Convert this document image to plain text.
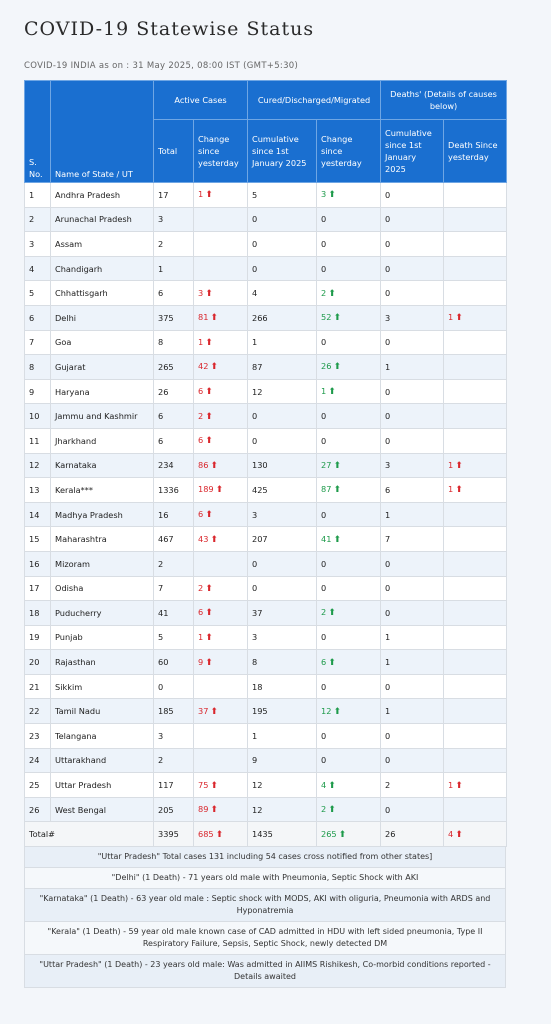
COVID-19 Statewise Status
COVID-19 INDIA as on : 31 May 2025, 08:00 IST (GMT+5:30)
S. No.	Name of State / UT	Active Cases		Cured/Discharged/Migrated		Deaths' (Details of causes below)	
		Total	Change since yesterday	Cumulative since 1st January 2025	Change since yesterday	Cumulative since 1st January 2025	Death Since yesterday
1	Andhra Pradesh	17	1 ⬆	5	3 ⬆	0	
2	Arunachal Pradesh	3		0	0	0	
3	Assam	2		0	0	0	
4	Chandigarh	1		0	0	0	
5	Chhattisgarh	6	3 ⬆	4	2 ⬆	0	
6	Delhi	375	81 ⬆	266	52 ⬆	3	1 ⬆
7	Goa	8	1 ⬆	1	0	0	
8	Gujarat	265	42 ⬆	87	26 ⬆	1	
9	Haryana	26	6 ⬆	12	1 ⬆	0	
10	Jammu and Kashmir	6	2 ⬆	0	0	0	
11	Jharkhand	6	6 ⬆	0	0	0	
12	Karnataka	234	86 ⬆	130	27 ⬆	3	1 ⬆
13	Kerala***	1336	189 ⬆	425	87 ⬆	6	1 ⬆
14	Madhya Pradesh	16	6 ⬆	3	0	1	
15	Maharashtra	467	43 ⬆	207	41 ⬆	7	
16	Mizoram	2		0	0	0	
17	Odisha	7	2 ⬆	0	0	0	
18	Puducherry	41	6 ⬆	37	2 ⬆	0	
19	Punjab	5	1 ⬆	3	0	1	
20	Rajasthan	60	9 ⬆	8	6 ⬆	1	
21	Sikkim	0		18	0	0	
22	Tamil Nadu	185	37 ⬆	195	12 ⬆	1	
23	Telangana	3		1	0	0	
24	Uttarakhand	2		9	0	0	
25	Uttar Pradesh	117	75 ⬆	12	4 ⬆	2	1 ⬆
26	West Bengal	205	89 ⬆	12	2 ⬆	0	
Total#		3395	685 ⬆	1435	265 ⬆	26	4 ⬆
"Uttar Pradesh" Total cases 131 including 54 cases cross notified from other states]
"Delhi" (1 Death) - 71 years old male with Pneumonia, Septic Shock with AKI
"Karnataka" (1 Death) - 63 year old male : Septic shock with MODS, AKI with oliguria, Pneumonia with ARDS and Hyponatremia
"Kerala" (1 Death) - 59 year old male known case of CAD admitted in HDU with left sided pneumonia, Type II Respiratory Failure, Sepsis, Septic Shock, newly detected DM
"Uttar Pradesh" (1 Death) - 23 years old male: Was admitted in AIIMS Rishikesh, Co-morbid conditions reported - Details awaited
